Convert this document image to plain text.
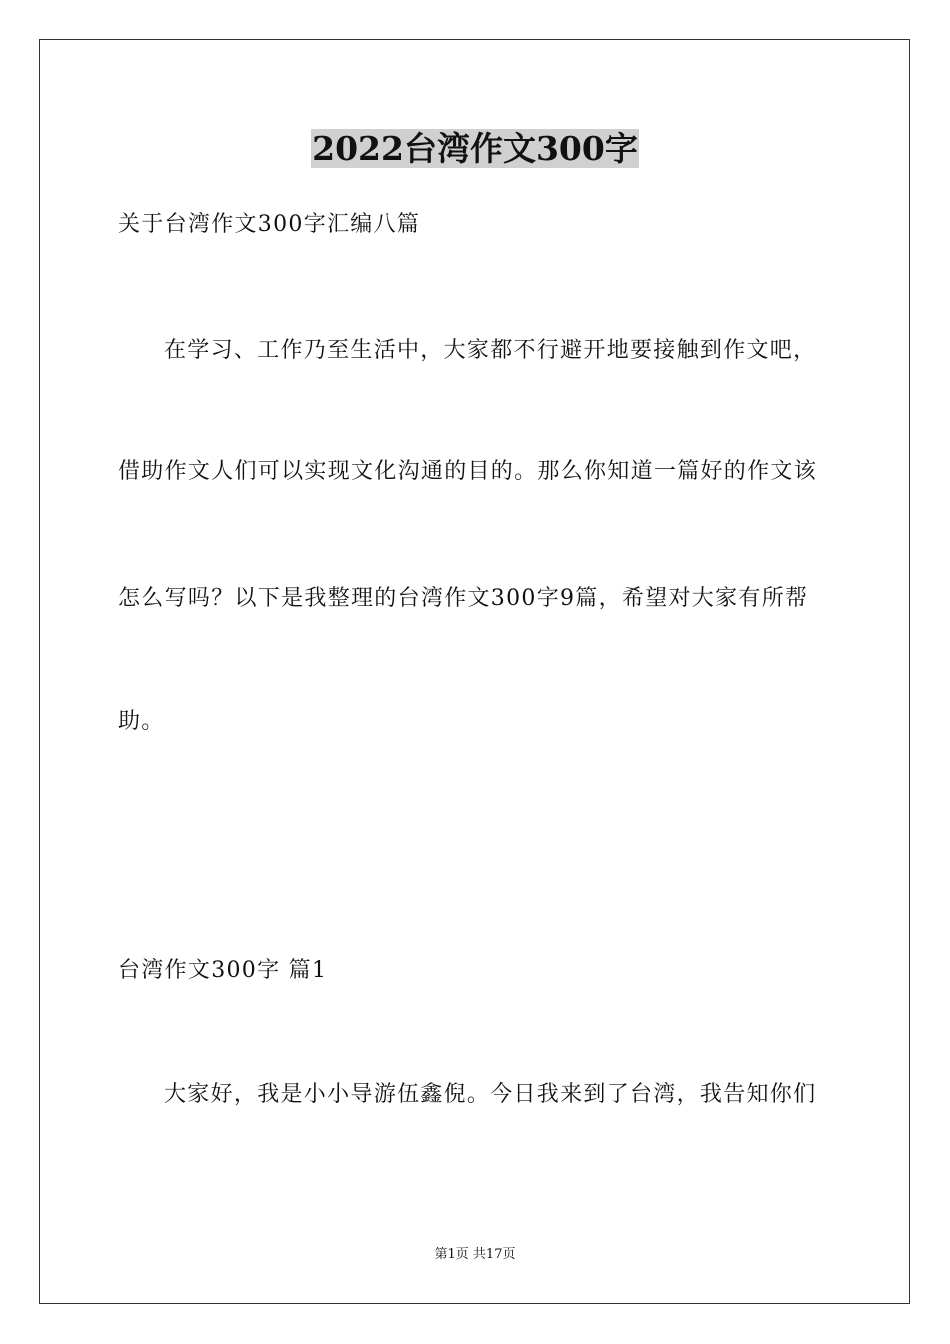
2022台湾作文300字
关于台湾作文300字汇编八篇
在学习、工作乃至生活中，大家都不行避开地要接触到作文吧，
借助作文人们可以实现文化沟通的目的。那么你知道一篇好的作文该
怎么写吗？以下是我整理的台湾作文300字9篇，希望对大家有所帮
助。
台湾作文300字 篇1
大家好，我是小小导游伍鑫倪。今日我来到了台湾，我告知你们
第1页 共17页
